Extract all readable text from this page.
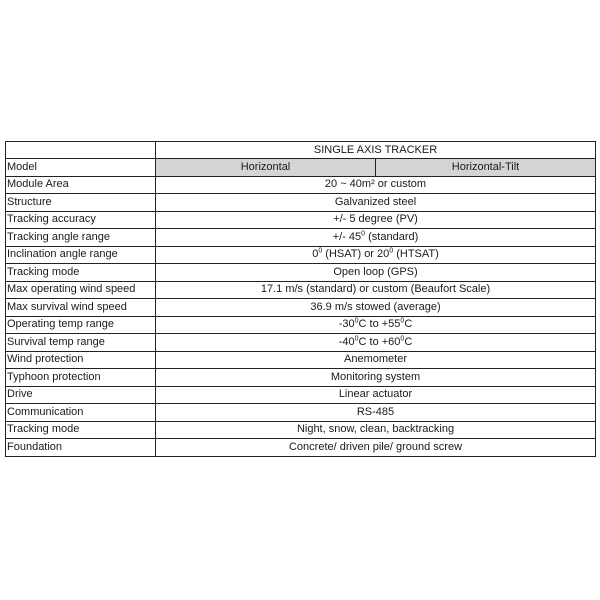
	SINGLE AXIS TRACKER	
Model	Horizontal	Horizontal-Tilt
Module Area	20 ~ 40m² or custom	
Structure	Galvanized steel	
Tracking accuracy	+/- 5 degree (PV)	
Tracking angle range	+/- $45^0$ (standard)	
Inclination angle range	$0^0$ (HSAT) or $20^0$ (HTSAT)	
Tracking mode	Open loop (GPS)	
Max operating wind speed	17.1 m/s (standard) or custom (Beaufort Scale)	
Max survival wind speed	36.9 m/s stowed (average)	
Operating temp range	$-30^0C$ to $+55^0C$	
Survival temp range	$-40^0C$ to $+60^0C$	
Wind protection	Anemometer	
Typhoon protection	Monitoring system	
Drive	Linear actuator	
Communication	RS-485	
Tracking mode	Night, snow, clean, backtracking	
Foundation	Concrete/ driven pile/ ground screw	
